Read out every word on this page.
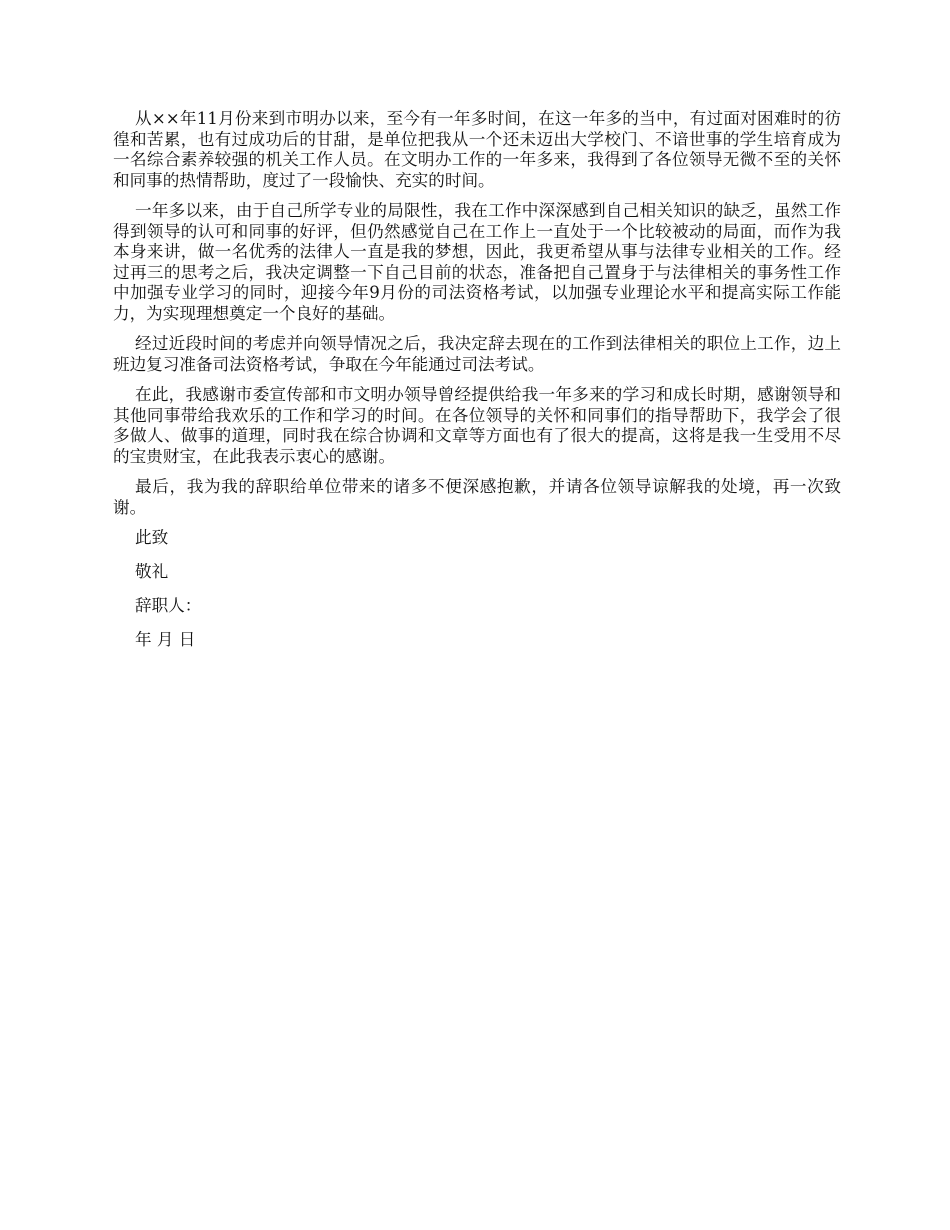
从××年11月份来到市明办以来，至今有一年多时间，在这一年多的当中，有过面对困难时的彷徨和苦累，也有过成功后的甘甜，是单位把我从一个还未迈出大学校门、不谙世事的学生培育成为一名综合素养较强的机关工作人员。在文明办工作的一年多来，我得到了各位领导无微不至的关怀和同事的热情帮助，度过了一段愉快、充实的时间。

一年多以来，由于自己所学专业的局限性，我在工作中深深感到自己相关知识的缺乏，虽然工作得到领导的认可和同事的好评，但仍然感觉自己在工作上一直处于一个比较被动的局面，而作为我本身来讲，做一名优秀的法律人一直是我的梦想，因此，我更希望从事与法律专业相关的工作。经过再三的思考之后，我决定调整一下自己目前的状态，准备把自己置身于与法律相关的事务性工作中加强专业学习的同时，迎接今年9月份的司法资格考试，以加强专业理论水平和提高实际工作能力，为实现理想奠定一个良好的基础。

经过近段时间的考虑并向领导情况之后，我决定辞去现在的工作到法律相关的职位上工作，边上班边复习准备司法资格考试，争取在今年能通过司法考试。

在此，我感谢市委宣传部和市文明办领导曾经提供给我一年多来的学习和成长时期，感谢领导和其他同事带给我欢乐的工作和学习的时间。在各位领导的关怀和同事们的指导帮助下，我学会了很多做人、做事的道理，同时我在综合协调和文章等方面也有了很大的提高，这将是我一生受用不尽的宝贵财宝，在此我表示衷心的感谢。

最后，我为我的辞职给单位带来的诸多不便深感抱歉，并请各位领导谅解我的处境，再一次致谢。

此致
敬礼
辞职人：
年 月 日
